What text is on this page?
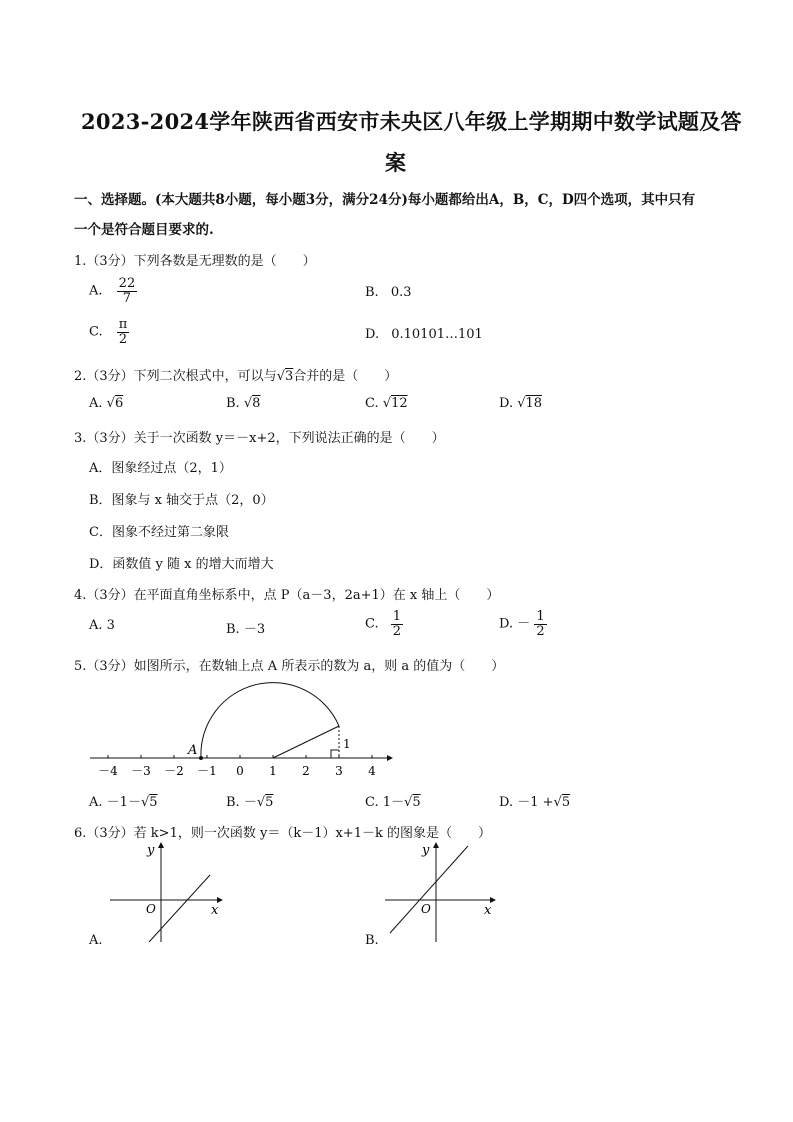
2023-2024学年陕西省西安市未央区八年级上学期期中数学试题及答
案
一、选择题。(本大题共8小题，每小题3分，满分24分)每小题都给出A，B，C，D四个选项，其中只有
一个是符合题目要求的.
1.（3分）下列各数是无理数的是（　　）
A. $\frac{22}{7}$	B. 0.3
C. $\frac{\pi}{2}$	D. 0.10101…101
2.（3分）下列二次根式中，可以与√3合并的是（　　）
A. √6	B. √8	C. √12	D. √18
3.（3分）关于一次函数 y＝－x+2，下列说法正确的是（　　）
A．图象经过点（2，1）
B．图象与 x 轴交于点（2，0）
C．图象不经过第二象限
D．函数值 y 随 x 的增大而增大
4.（3分）在平面直角坐标系中，点 P（a－3，2a+1）在 x 轴上（　　）
A. 3	B. －3	C. $\frac{1}{2}$	D. － $\frac{1}{2}$
5.（3分）如图所示，在数轴上点 A 所表示的数为 a，则 a 的值为（　　）
－4 －3 －2 －1 0 1 2 3 4
1
A
A. －1－√5	B. －√5	C. 1－√5	D. －1 +√5
6.（3分）若 k>1，则一次函数 y＝（k－1）x+1－k 的图象是（　　）
y
x
O
A.
y
x
O
B.
